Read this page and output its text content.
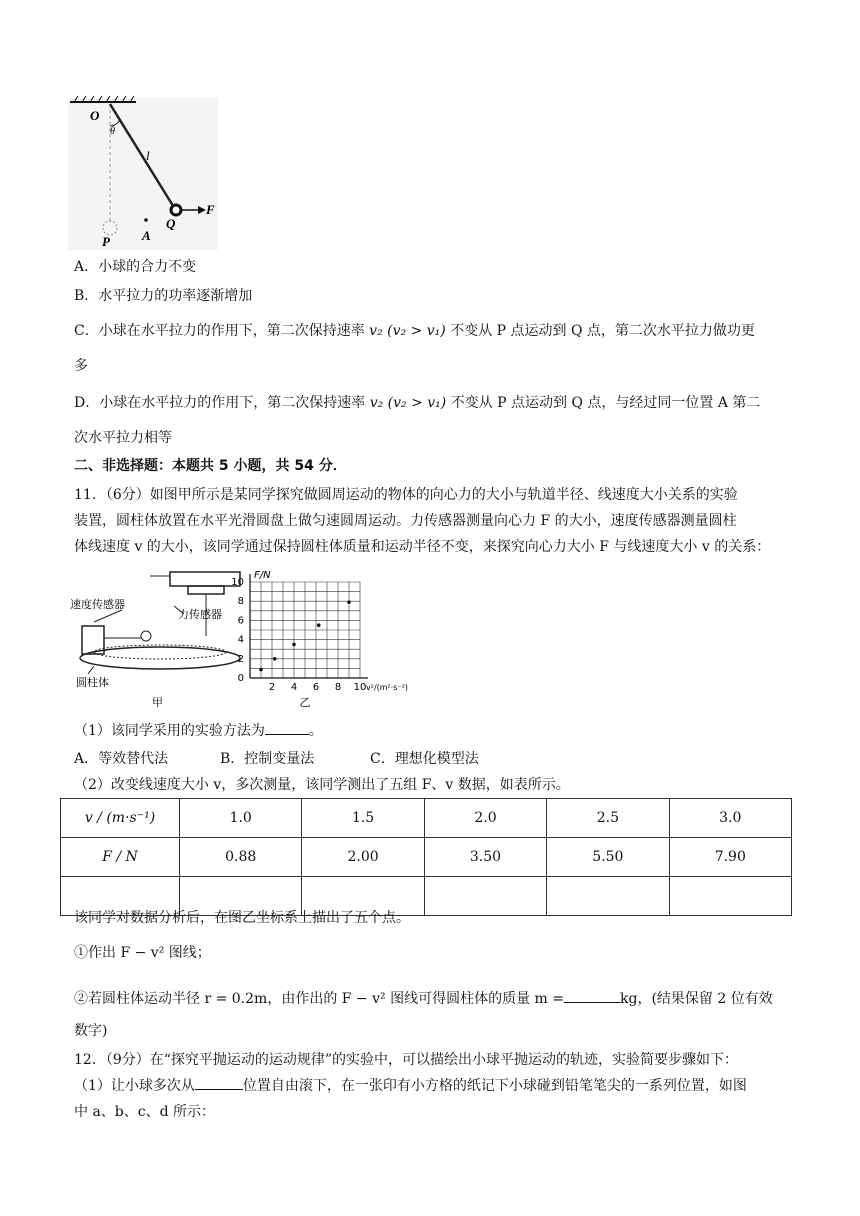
O
θ
l
Q
F
P A
A．小球的合力不变
B．水平拉力的功率逐渐增加
C．小球在水平拉力的作用下，第二次保持速率 v₂ (v₂ > v₁) 不变从 P 点运动到 Q 点，第二次水平拉力做功更
多
D．小球在水平拉力的作用下，第二次保持速率 v₂ (v₂ > v₁) 不变从 P 点运动到 Q 点，与经过同一位置 A 第二
次水平拉力相等
二、非选择题：本题共 5 小题，共 54 分．
11．（6分）如图甲所示是某同学探究做圆周运动的物体的向心力的大小与轨道半径、线速度大小关系的实验
装置，圆柱体放置在水平光滑圆盘上做匀速圆周运动。力传感器测量向心力 F 的大小，速度传感器测量圆柱
体线速度 v 的大小，该同学通过保持圆柱体质量和运动半径不变，来探究向心力大小 F 与线速度大小 v 的关系：
速度传感器
力传感器
圆柱体
甲
2 4 6 8 10
0
2
4
6
8
10
F/N
v²/(m²·s⁻²)
乙
（1）该同学采用的实验方法为	。
A．等效替代法	B．控制变量法	C．理想化模型法
（2）改变线速度大小 v，多次测量，该同学测出了五组 F、v 数据，如表所示。
v / (m·s⁻¹)	1.0	1.5	2.0	2.5	3.0
F / N	0.88	2.00	3.50	5.50	7.90

该同学对数据分析后，在图乙坐标系上描出了五个点。
①作出 F − v² 图线；
②若圆柱体运动半径 r = 0.2m，由作出的 F − v² 图线可得圆柱体的质量 m =	kg，(结果保留 2 位有效
数字)
12．（9分）在“探究平抛运动的运动规律”的实验中，可以描绘出小球平抛运动的轨迹，实验简要步骤如下：
（1）让小球多次从	位置自由滚下，在一张印有小方格的纸记下小球碰到铅笔笔尖的一系列位置，如图
中 a、b、c、d 所示：
